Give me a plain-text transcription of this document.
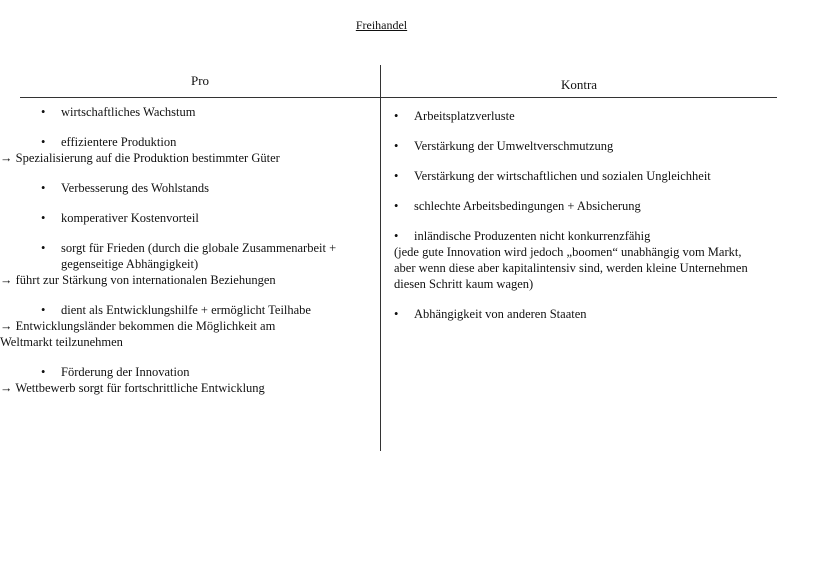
Freihandel
Pro	Kontra
• wirtschaftliches Wachstum
• effizientere Produktion
→ Spezialisierung auf die Produktion bestimmter Güter
• Verbesserung des Wohlstands
• komperativer Kostenvorteil
• sorgt für Frieden (durch die globale Zusammenarbeit +
gegenseitige Abhängigkeit)
→ führt zur Stärkung von internationalen Beziehungen
• dient als Entwicklungshilfe + ermöglicht Teilhabe
→ Entwicklungsländer bekommen die Möglichkeit am
Weltmarkt teilzunehmen
• Förderung der Innovation
→ Wettbewerb sorgt für fortschrittliche Entwicklung
• Arbeitsplatzverluste
• Verstärkung der Umweltverschmutzung
• Verstärkung der wirtschaftlichen und sozialen Ungleichheit
• schlechte Arbeitsbedingungen + Absicherung
• inländische Produzenten nicht konkurrenzfähig
(jede gute Innovation wird jedoch „boomen“ unabhängig vom Markt,
aber wenn diese aber kapitalintensiv sind, werden kleine Unternehmen
diesen Schritt kaum wagen)
• Abhängigkeit von anderen Staaten
